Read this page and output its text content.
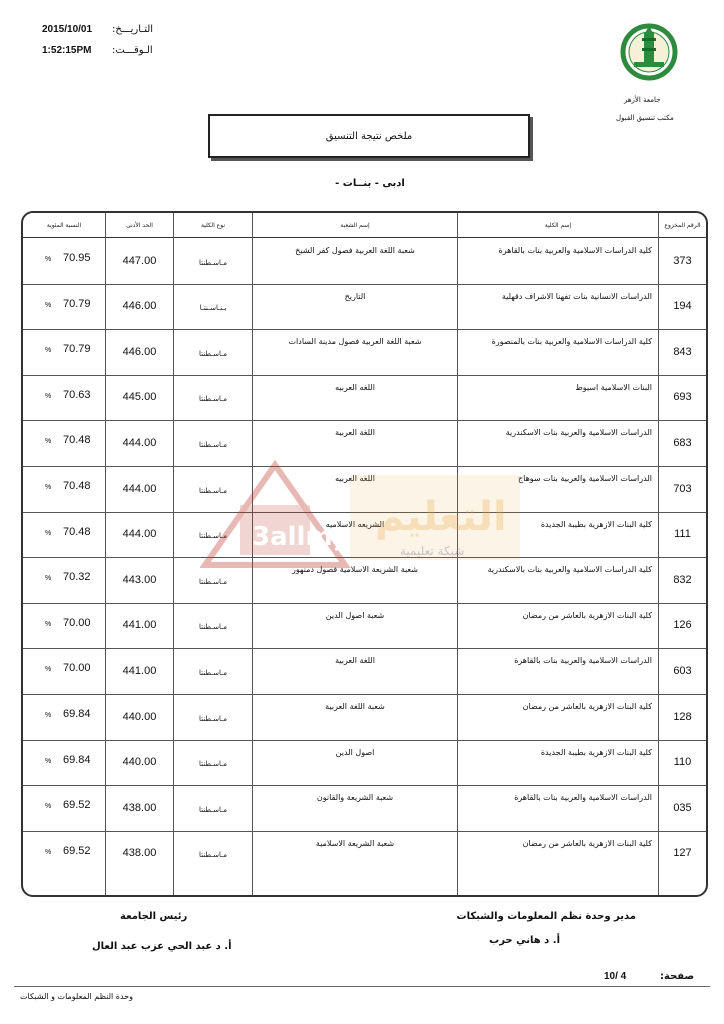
2015/10/01 التـاريـــخ:
1:52:15PM الـوقـــت:
جامعة الأزهر
مكتب تنسيق القبول
ملخص نتيجة التنسيق
- ادبى - بنــات
الرقم المخزوع
إسم الكلية
إسم الشعبة
نوع الكلية
الحد الأدنى
النسبة المئوية
373
كلية الدراسات الاسلامية والعربية بنات بالقاهرة
شعبة اللغة العربية فصول كفر الشيخ
مـاسـطنتا
447.00
% 70.95
194
الدراسات الانسانية بنات تفهنا الاشراف دقهلية
التاريخ
بـنـاسـنتـا
446.00
% 70.79
843
كلية الدراسات الاسلامية والعربية بنات بالمنصورة
شعبة اللغة العربية فصول مدينة السادات
مـاسـطنتا
446.00
% 70.79
693
البنات الاسلامية اسيوط
اللغه العربيه
مـاسـطنتا
445.00
% 70.63
683
الدراسات الاسلامية والعربية بنات الاسكندرية
اللغة العربية
مـاسـطنتا
444.00
% 70.48
703
الدراسات الاسلامية والعربية بنات سوهاج
اللغه العربيه
مـاسـطنتا
444.00
% 70.48
111
كلية البنات الازهرية بطيبة الجديدة
الشريعه الاسلاميه
مـاسـطنتا
444.00
% 70.48
832
كلية الدراسات الاسلامية والعربية بنات بالاسكندرية
شعبة الشريعة الاسلامية فصول دمنهور
مـاسـطنتا
443.00
% 70.32
126
كلية البنات الازهرية بالعاشر من رمضان
شعبة اصول الدين
مـاسـطنتا
441.00
% 70.00
603
الدراسات الاسلامية والعربية بنات بالقاهرة
اللغة العربية
مـاسـطنتا
441.00
% 70.00
128
كلية البنات الازهرية بالعاشر من رمضان
شعبة اللغة العربية
مـاسـطنتا
440.00
% 69.84
110
كلية البنات الازهرية بطيبة الجديدة
اصول الدين
مـاسـطنتا
440.00
% 69.84
035
الدراسات الاسلامية والعربية بنات بالقاهرة
شعبة الشريعة والقانون
مـاسـطنتا
438.00
% 69.52
127
كلية البنات الازهرية بالعاشر من رمضان
شعبة الشريعة الاسلامية
مـاسـطنتا
438.00
% 69.52
3allmy التعليم
شبكة تعليمية
مدير وحدة نظم المعلومات والشبكات
أ. د هاني حرب
رئيس الجامعة
أ. د عبد الحي عزب عبد العال
صفحة:
10/ 4
وحدة النظم المعلومات و الشبكات
